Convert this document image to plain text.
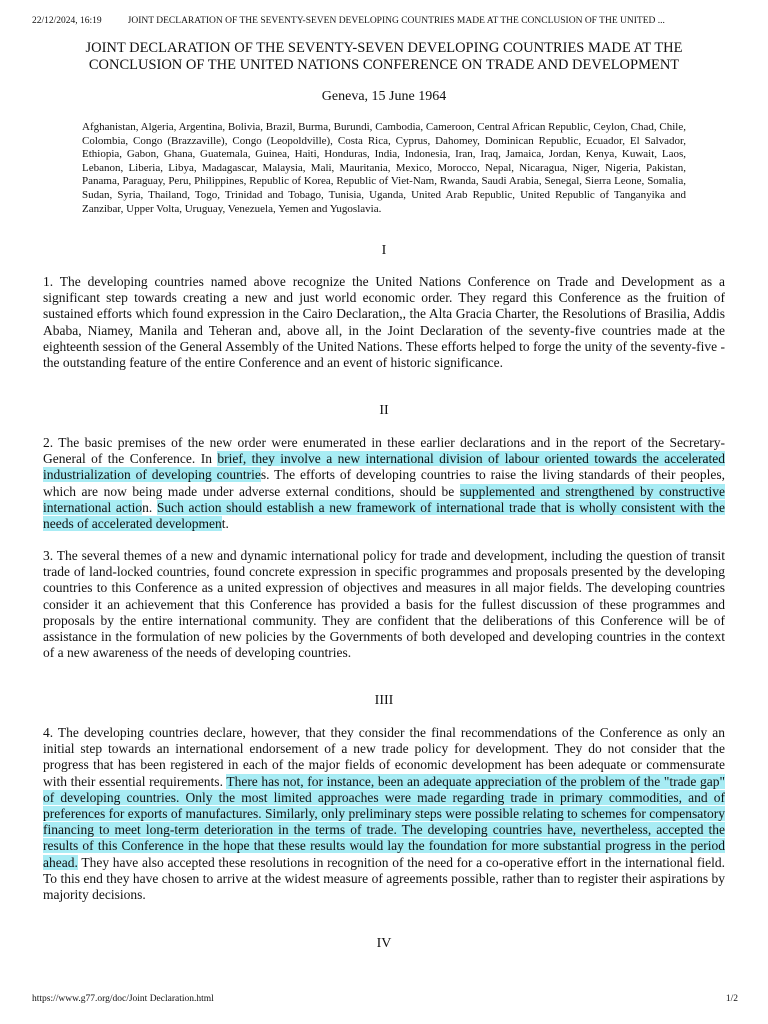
22/12/2024, 16:19	JOINT DECLARATION OF THE SEVENTY-SEVEN DEVELOPING COUNTRIES MADE AT THE CONCLUSION OF THE UNITED ...
JOINT DECLARATION OF THE SEVENTY-SEVEN DEVELOPING COUNTRIES MADE AT THE CONCLUSION OF THE UNITED NATIONS CONFERENCE ON TRADE AND DEVELOPMENT

Geneva, 15 June 1964

Afghanistan, Algeria, Argentina, Bolivia, Brazil, Burma, Burundi, Cambodia, Cameroon, Central African Republic, Ceylon, Chad, Chile, Colombia, Congo (Brazzaville), Congo (Leopoldville), Costa Rica, Cyprus, Dahomey, Dominican Republic, Ecuador, El Salvador, Ethiopia, Gabon, Ghana, Guatemala, Guinea, Haiti, Honduras, India, Indonesia, Iran, Iraq, Jamaica, Jordan, Kenya, Kuwait, Laos, Lebanon, Liberia, Libya, Madagascar, Malaysia, Mali, Mauritania, Mexico, Morocco, Nepal, Nicaragua, Niger, Nigeria, Pakistan, Panama, Paraguay, Peru, Philippines, Republic of Korea, Republic of Viet-Nam, Rwanda, Saudi Arabia, Senegal, Sierra Leone, Somalia, Sudan, Syria, Thailand, Togo, Trinidad and Tobago, Tunisia, Uganda, United Arab Republic, United Republic of Tanganyika and Zanzibar, Upper Volta, Uruguay, Venezuela, Yemen and Yugoslavia.

I

1. The developing countries named above recognize the United Nations Conference on Trade and Development as a significant step towards creating a new and just world economic order. They regard this Conference as the fruition of sustained efforts which found expression in the Cairo Declaration,, the Alta Gracia Charter, the Resolutions of Brasilia, Addis Ababa, Niamey, Manila and Teheran and, above all, in the Joint Declaration of the seventy-five countries made at the eighteenth session of the General Assembly of the United Nations. These efforts helped to forge the unity of the seventy-five - the outstanding feature of the entire Conference and an event of historic significance.

II

2. The basic premises of the new order were enumerated in these earlier declarations and in the report of the Secretary-General of the Conference. In brief, they involve a new international division of labour oriented towards the accelerated industrialization of developing countries. The efforts of developing countries to raise the living standards of their peoples, which are now being made under adverse external conditions, should be supplemented and strengthened by constructive international action. Such action should establish a new framework of international trade that is wholly consistent with the needs of accelerated development.

3. The several themes of a new and dynamic international policy for trade and development, including the question of transit trade of land-locked countries, found concrete expression in specific programmes and proposals presented by the developing countries to this Conference as a united expression of objectives and measures in all major fields. The developing countries consider it an achievement that this Conference has provided a basis for the fullest discussion of these programmes and proposals by the entire international community. They are confident that the deliberations of this Conference will be of assistance in the formulation of new policies by the Governments of both developed and developing countries in the context of a new awareness of the needs of developing countries.

IIII

4. The developing countries declare, however, that they consider the final recommendations of the Conference as only an initial step towards an international endorsement of a new trade policy for development. They do not consider that the progress that has been registered in each of the major fields of economic development has been adequate or commensurate with their essential requirements. There has not, for instance, been an adequate appreciation of the problem of the "trade gap" of developing countries. Only the most limited approaches were made regarding trade in primary commodities, and of preferences for exports of manufactures. Similarly, only preliminary steps were possible relating to schemes for compensatory financing to meet long-term deterioration in the terms of trade. The developing countries have, nevertheless, accepted the results of this Conference in the hope that these results would lay the foundation for more substantial progress in the period ahead. They have also accepted these resolutions in recognition of the need for a co-operative effort in the international field. To this end they have chosen to arrive at the widest measure of agreements possible, rather than to register their aspirations by majority decisions.

IV

https://www.g77.org/doc/Joint Declaration.html	1/2
